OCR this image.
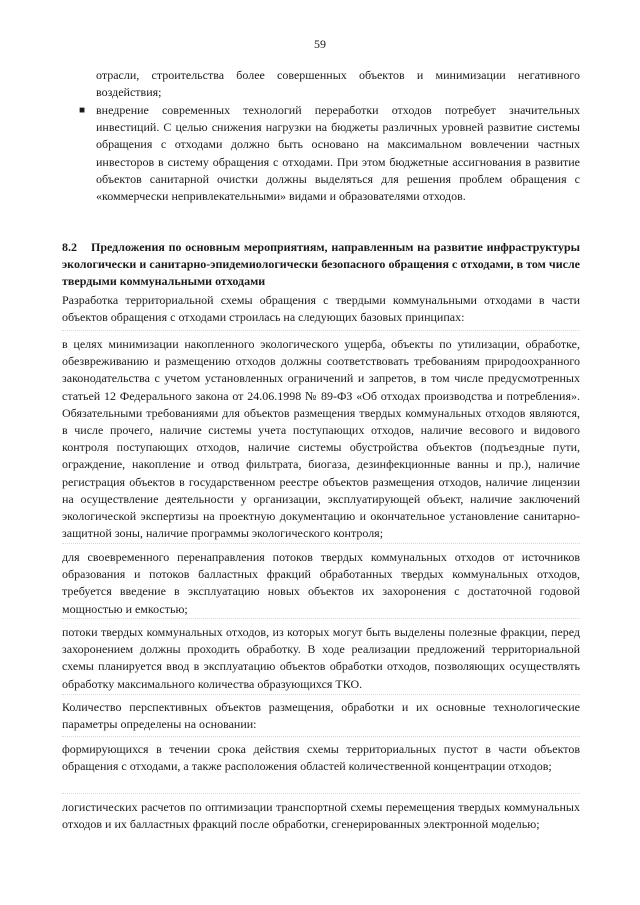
59

отрасли, строительства более совершенных объектов и минимизации негативного воздействия;

■ внедрение современных технологий переработки отходов потребует значительных инвестиций. С целью снижения нагрузки на бюджеты различных уровней развитие системы обращения с отходами должно быть основано на максимальном вовлечении частных инвесторов в систему обращения с отходами. При этом бюджетные ассигнования в развитие объектов санитарной очистки должны выделяться для решения проблем обращения с «коммерчески непривлекательными» видами и образователями отходов.

8.2 Предложения по основным мероприятиям, направленным на развитие инфраструктуры экологически и санитарно-эпидемиологически безопасного обращения с отходами, в том числе твердыми коммунальными отходами

Разработка территориальной схемы обращения с твердыми коммунальными отходами в части объектов обращения с отходами строилась на следующих базовых принципах:

в целях минимизации накопленного экологического ущерба, объекты по утилизации, обработке, обезвреживанию и размещению отходов должны соответствовать требованиям природоохранного законодательства с учетом установленных ограничений и запретов, в том числе предусмотренных статьей 12 Федерального закона от 24.06.1998 № 89-ФЗ «Об отходах производства и потребления». Обязательными требованиями для объектов размещения твердых коммунальных отходов являются, в числе прочего, наличие системы учета поступающих отходов, наличие весового и видового контроля поступающих отходов, наличие системы обустройства объектов (подъездные пути, ограждение, накопление и отвод фильтрата, биогаза, дезинфекционные ванны и пр.), наличие регистрация объектов в государственном реестре объектов размещения отходов, наличие лицензии на осуществление деятельности у организации, эксплуатирующей объект, наличие заключений экологической экспертизы на проектную документацию и окончательное установление санитарно-защитной зоны, наличие программы экологического контроля;

для своевременного перенаправления потоков твердых коммунальных отходов от источников образования и потоков балластных фракций обработанных твердых коммунальных отходов, требуется введение в эксплуатацию новых объектов их захоронения с достаточной годовой мощностью и емкостью;

потоки твердых коммунальных отходов, из которых могут быть выделены полезные фракции, перед захоронением должны проходить обработку. В ходе реализации предложений территориальной схемы планируется ввод в эксплуатацию объектов обработки отходов, позволяющих осуществлять обработку максимального количества образующихся ТКО.

Количество перспективных объектов размещения, обработки и их основные технологические параметры определены на основании:

формирующихся в течении срока действия схемы территориальных пустот в части объектов обращения с отходами, а также расположения областей количественной концентрации отходов;

логистических расчетов по оптимизации транспортной схемы перемещения твердых коммунальных отходов и их балластных фракций после обработки, сгенерированных электронной моделью;
